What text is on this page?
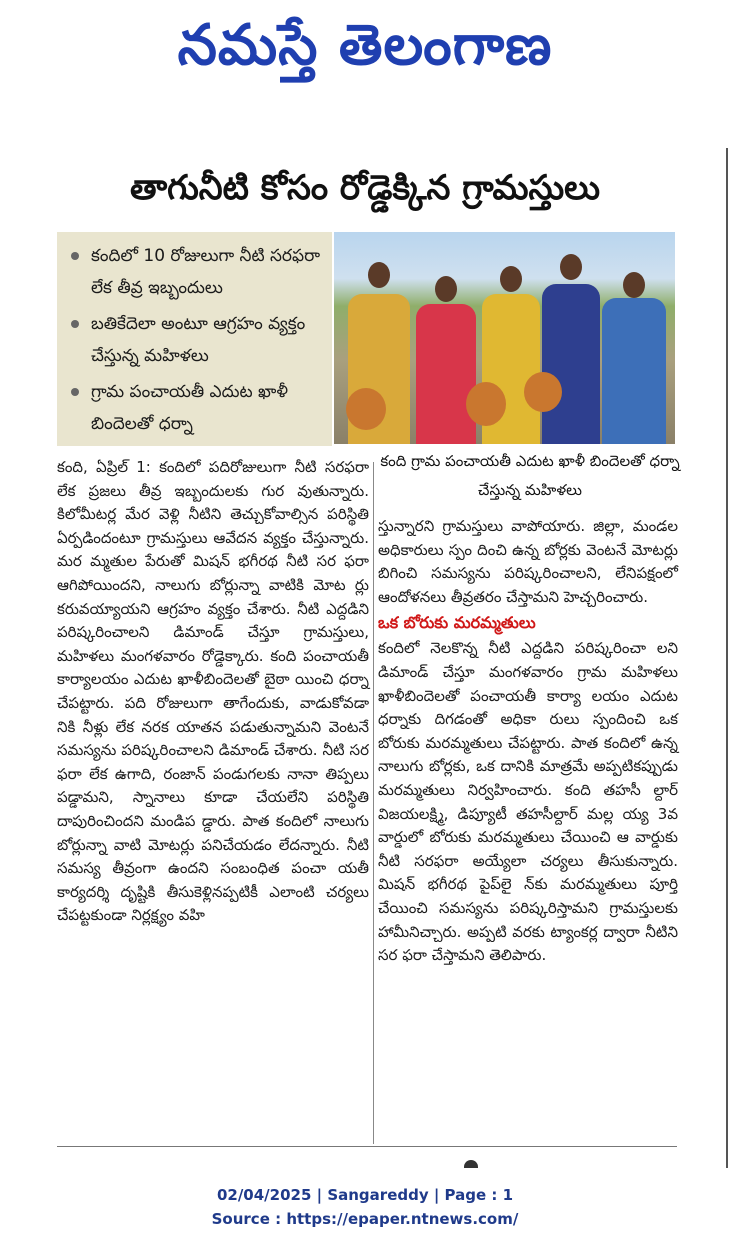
నమస్తే తెలంగాణ
తాగునీటి కోసం రోడ్డెక్కిన గ్రామస్తులు
కందిలో 10 రోజులుగా నీటి సరఫరా లేక తీవ్ర ఇబ్బందులు
బతికేదెలా అంటూ ఆగ్రహం వ్యక్తం చేస్తున్న మహిళలు
గ్రామ పంచాయతీ ఎదుట ఖాళీ బిందెలతో ధర్నా
కంది గ్రామ పంచాయతీ ఎదుట ఖాళీ బిందెలతో ధర్నా చేస్తున్న మహిళలు
కంది, ఏప్రిల్ 1: కందిలో పదిరోజులుగా నీటి సరఫరా లేక ప్రజలు తీవ్ర ఇబ్బందులకు గుర వుతున్నారు. కిలోమీటర్ల మేర వెళ్లి నీటిని తెచ్చుకోవాల్సిన పరిస్థితి ఏర్పడిందంటూ గ్రామస్తులు ఆవేదన వ్యక్తం చేస్తున్నారు. మర మ్మతుల పేరుతో మిషన్ భగీరథ నీటి సర ఫరా ఆగిపోయిందని, నాలుగు బోర్లున్నా వాటికి మోట ర్లు కరువయ్యాయని ఆగ్రహం వ్యక్తం చేశారు. నీటి ఎద్దడిని పరిష్కరించాలని డిమాండ్ చేస్తూ గ్రామస్తులు, మహిళలు మంగళవారం రోడ్డెక్కారు. కంది పంచాయతీ కార్యాలయం ఎదుట ఖాళీబిందెలతో బైఠా యించి ధర్నా చేపట్టారు. పది రోజులుగా తాగేందుకు, వాడుకోవడా నికి నీళ్లు లేక నరక యాతన పడుతున్నామని వెంటనే సమస్యను పరిష్కరించాలని డిమాండ్ చేశారు. నీటి సర ఫరా లేక ఉగాది, రంజాన్ పండుగలకు నానా తిప్పలు పడ్డామని, స్నానాలు కూడా చేయలేని పరిస్థితి దాపురించిందని మండిప డ్డారు. పాత కందిలో నాలుగు బోర్లున్నా వాటి మోటర్లు పనిచేయడం లేదన్నారు. నీటి సమస్య తీవ్రంగా ఉందని సంబంధిత పంచా యతీ కార్యదర్శి దృష్టికి తీసుకెళ్లినప్పటికీ ఎలాంటి చర్యలు చేపట్టకుండా నిర్లక్ష్యం వహి
స్తున్నారని గ్రామస్తులు వాపోయారు. జిల్లా, మండల అధికారులు స్పం దించి ఉన్న బోర్లకు వెంటనే మోటర్లు బిగించి సమస్యను పరిష్కరించాలని, లేనిపక్షంలో ఆందోళనలు తీవ్రతరం చేస్తామని హెచ్చరించారు.
ఒక బోరుకు మరమ్మతులు
కందిలో నెలకొన్న నీటి ఎద్దడిని పరిష్కరించా లని డిమాండ్ చేస్తూ మంగళవారం గ్రామ మహిళలు ఖాళీబిందెలతో పంచాయతీ కార్యా లయం ఎదుట ధర్నాకు దిగడంతో అధికా రులు స్పందించి ఒక బోరుకు మరమ్మతులు చేపట్టారు. పాత కందిలో ఉన్న నాలుగు బోర్లకు, ఒక దానికి మాత్రమే అప్పటికప్పుడు మరమ్మతులు నిర్వహించారు. కంది తహసీ ల్దార్ విజయలక్ష్మి, డిప్యూటీ తహసీల్దార్ మల్ల య్య 3వ వార్డులో బోరుకు మరమ్మతులు చేయించి ఆ వార్డుకు నీటి సరఫరా అయ్యేలా చర్యలు తీసుకున్నారు. మిషన్ భగీరథ పైప్‌లై న్‌కు మరమ్మతులు పూర్తి చేయించి సమస్యను పరిష్కరిస్తామని గ్రామస్తులకు హామీనిచ్చారు. అప్పటి వరకు ట్యాంకర్ల ద్వారా నీటిని సర ఫరా చేస్తామని తెలిపారు.
02/04/2025 | Sangareddy | Page : 1
Source : https://epaper.ntnews.com/
